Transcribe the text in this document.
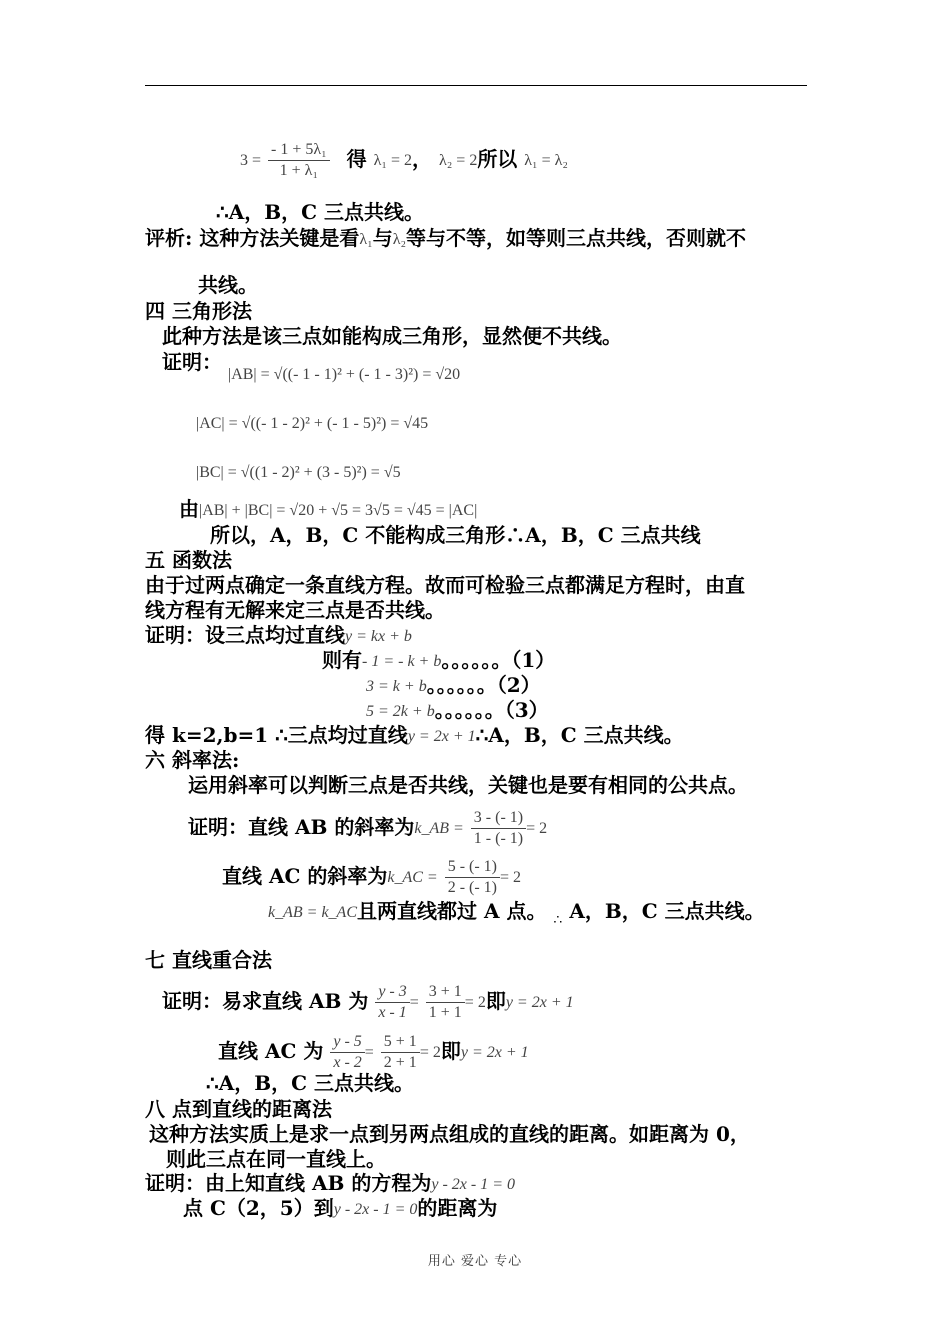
$3 = \frac{\text{- 1 + 5λ₁}}{\text{1 + λ₁}}$ 得 λ₁ = 2， λ₂ = 2所以 λ₁ = λ₂
∴A，B，C 三点共线。
评析: 这种方法关键是看λ₁与λ₂等与不等，如等则三点共线，否则就不
共线。
四 三角形法
此种方法是该三点如能构成三角形，显然便不共线。
证明： |AB| = √((- 1 - 1)² + (- 1 - 3)²) = √20
|AC| = √((- 1 - 2)² + (- 1 - 5)²) = √45
|BC| = √((1 - 2)² + (3 - 5)²) = √5
由|AB| + |BC| = √20 + √5 = 3√5 = √45 = |AC|
所以，A，B，C 不能构成三角形∴A，B，C 三点共线
五 函数法
由于过两点确定一条直线方程。故而可检验三点都满足方程时，由直
线方程有无解来定三点是否共线。
证明：设三点均过直线y = kx + b
则有- 1 = - k + b。。。。。。（1）
3 = k + b。。。。。。（2）
5 = 2k + b。。。。。。（3）
得 k=2,b=1 ∴三点均过直线y = 2x + 1∴A，B，C 三点共线。
六 斜率法:
运用斜率可以判断三点是否共线，关键也是要有相同的公共点。
证明：直线 AB 的斜率为k_AB = $\frac{3 - (- 1)}{1 - (- 1)} = 2$
直线 AC 的斜率为k_AC = $\frac{5 - (- 1)}{2 - (- 1)} = 2$
k_AB = k_AC且两直线都过 A 点。 $_\therefore$ A，B，C 三点共线。
七 直线重合法
证明：易求直线 AB 为 $\frac{y - 3}{x - 1} = \frac{3 + 1}{1 + 1} = 2$即y = 2x + 1
直线 AC 为 $\frac{y - 5}{x - 2} = \frac{5 + 1}{2 + 1} = 2$即y = 2x + 1
∴A，B，C 三点共线。
八 点到直线的距离法
这种方法实质上是求一点到另两点组成的直线的距离。如距离为 0，
则此三点在同一直线上。
证明：由上知直线 AB 的方程为y - 2x - 1 = 0
点 C（2，5）到y - 2x - 1 = 0的距离为
用心 爱心 专心
